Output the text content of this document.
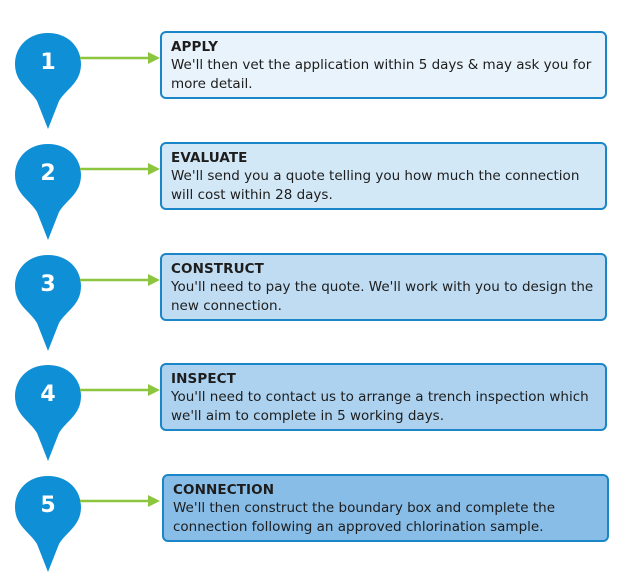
1
APPLY
We'll then vet the application within 5 days & may ask you for more detail.
2
EVALUATE
We'll send you a quote telling you how much the connection will cost within 28 days.
3
CONSTRUCT
You'll need to pay the quote. We'll work with you to design the new connection.
4
INSPECT
You'll need to contact us to arrange a trench inspection which we'll aim to complete in 5 working days.
5
CONNECTION
We'll then construct the boundary box and complete the connection following an approved chlorination sample.
